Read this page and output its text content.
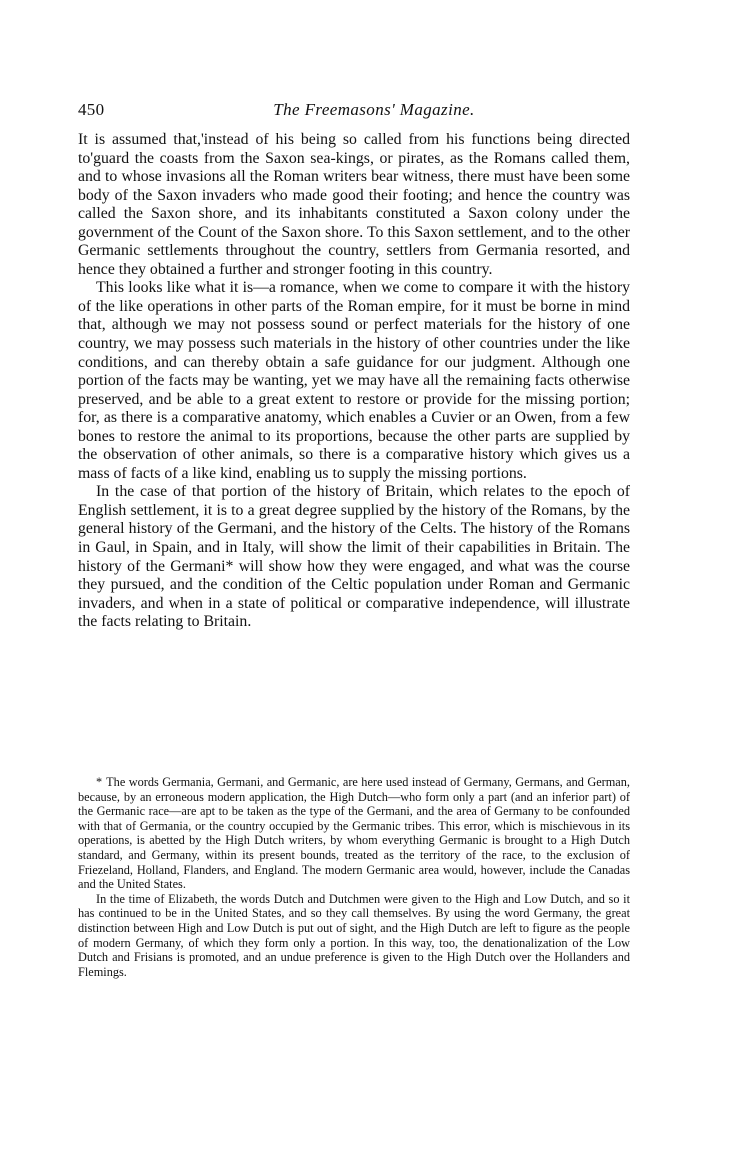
450	The Freemasons' Magazine.

It is assumed that,'instead of his being so called from his functions being directed to'guard the coasts from the Saxon sea-kings, or pirates, as the Romans called them, and to whose invasions all the Roman writers bear witness, there must have been some body of the Saxon invaders who made good their footing; and hence the country was called the Saxon shore, and its inhabitants constituted a Saxon colony under the government of the Count of the Saxon shore. To this Saxon settlement, and to the other Germanic settlements throughout the country, settlers from Germania resorted, and hence they obtained a further and stronger footing in this country.

This looks like what it is—a romance, when we come to compare it with the history of the like operations in other parts of the Roman empire, for it must be borne in mind that, although we may not possess sound or perfect materials for the history of one country, we may possess such materials in the history of other countries under the like conditions, and can thereby obtain a safe guidance for our judgment. Although one portion of the facts may be wanting, yet we may have all the remaining facts otherwise preserved, and be able to a great extent to restore or provide for the missing portion; for, as there is a comparative anatomy, which enables a Cuvier or an Owen, from a few bones to restore the animal to its proportions, because the other parts are supplied by the observation of other animals, so there is a comparative history which gives us a mass of facts of a like kind, enabling us to supply the missing portions.

In the case of that portion of the history of Britain, which relates to the epoch of English settlement, it is to a great degree supplied by the history of the Romans, by the general history of the Germani, and the history of the Celts. The history of the Romans in Gaul, in Spain, and in Italy, will show the limit of their capabilities in Britain. The history of the Germani* will show how they were engaged, and what was the course they pursued, and the condition of the Celtic population under Roman and Germanic invaders, and when in a state of political or comparative independence, will illustrate the facts relating to Britain.

* The words Germania, Germani, and Germanic, are here used instead of Germany, Germans, and German, because, by an erroneous modern application, the High Dutch—who form only a part (and an inferior part) of the Germanic race—are apt to be taken as the type of the Germani, and the area of Germany to be confounded with that of Germania, or the country occupied by the Germanic tribes. This error, which is mischievous in its operations, is abetted by the High Dutch writers, by whom everything Germanic is brought to a High Dutch standard, and Germany, within its present bounds, treated as the territory of the race, to the exclusion of Friezeland, Holland, Flanders, and England. The modern Germanic area would, however, include the Canadas and the United States.

In the time of Elizabeth, the words Dutch and Dutchmen were given to the High and Low Dutch, and so it has continued to be in the United States, and so they call themselves. By using the word Germany, the great distinction between High and Low Dutch is put out of sight, and the High Dutch are left to figure as the people of modern Germany, of which they form only a portion. In this way, too, the denationalization of the Low Dutch and Frisians is promoted, and an undue preference is given to the High Dutch over the Hollanders and Flemings.
